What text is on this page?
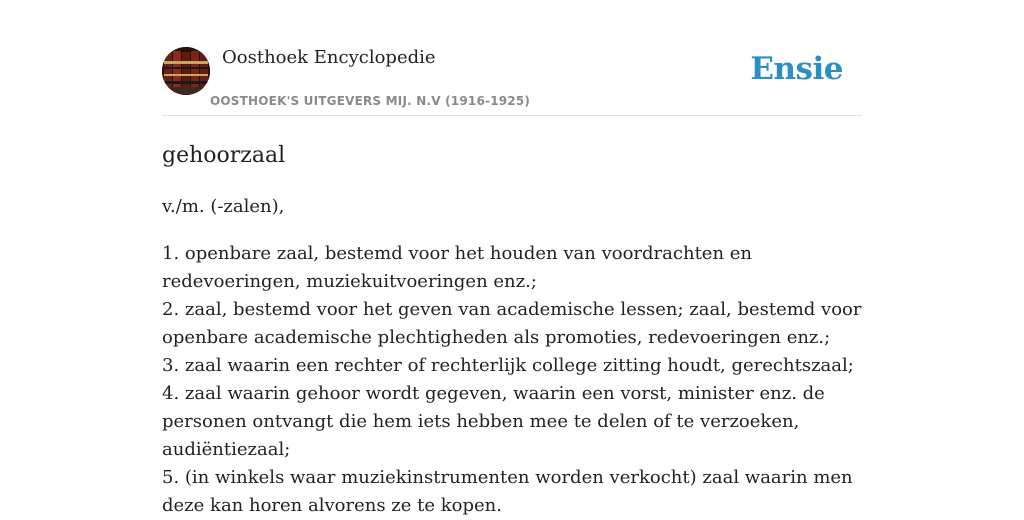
Oosthoek Encyclopedie
OOSTHOEK'S UITGEVERS MIJ. N.V (1916-1925)
Ensie
gehoorzaal

v./m. (-zalen),

1. openbare zaal, bestemd voor het houden van voordrachten en redevoeringen, muziekuitvoeringen enz.;
2. zaal, bestemd voor het geven van academische lessen; zaal, bestemd voor openbare academische plechtigheden als promoties, redevoeringen enz.;
3. zaal waarin een rechter of rechterlijk college zitting houdt, gerechtszaal;
4. zaal waarin gehoor wordt gegeven, waarin een vorst, minister enz. de personen ontvangt die hem iets hebben mee te delen of te verzoeken, audiëntiezaal;
5. (in winkels waar muziekinstrumenten worden verkocht) zaal waarin men deze kan horen alvorens ze te kopen.
